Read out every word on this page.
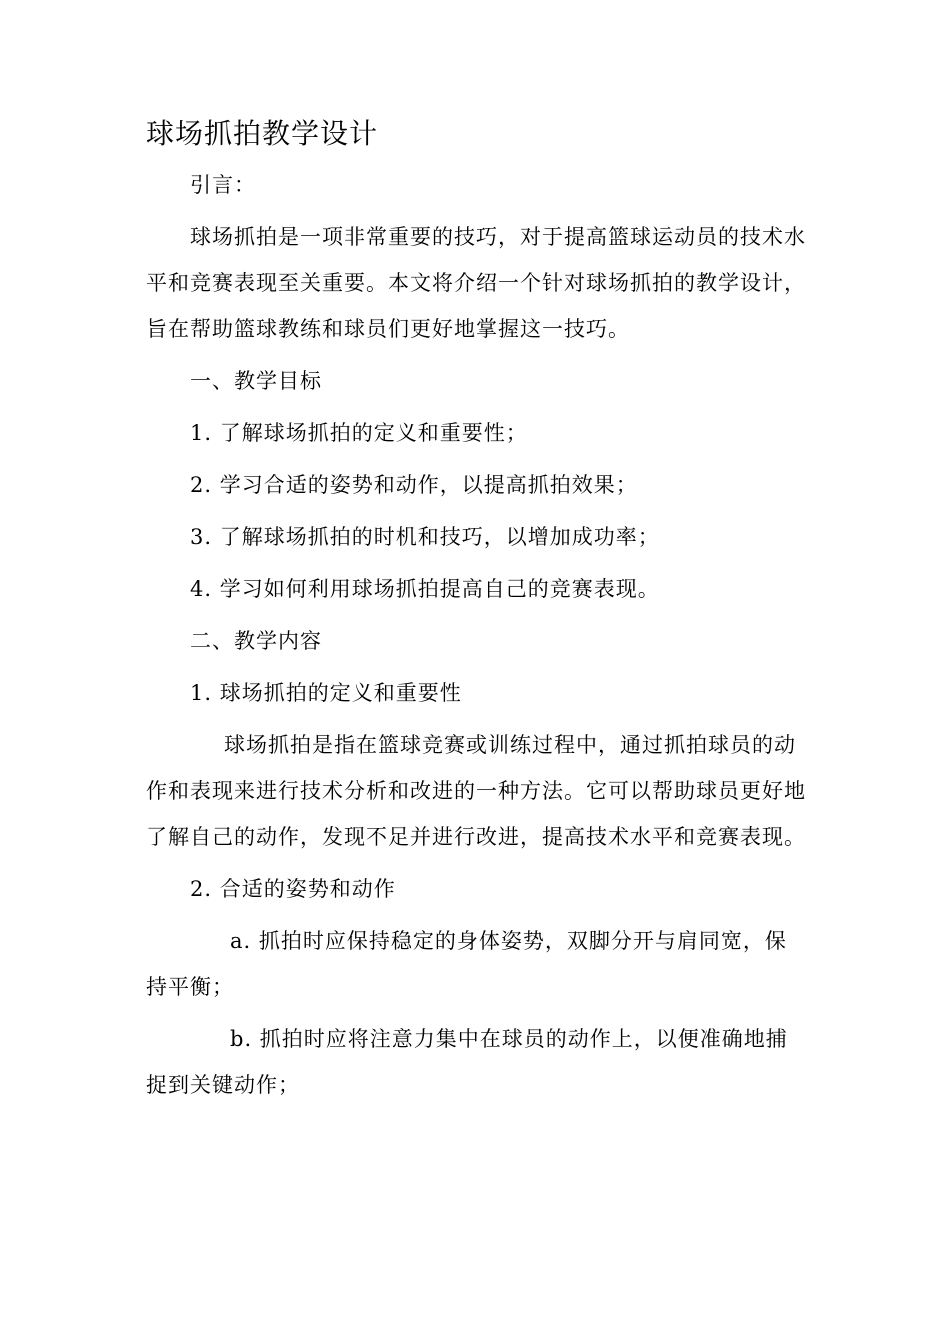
球场抓拍教学设计

引言：

球场抓拍是一项非常重要的技巧，对于提高篮球运动员的技术水平和竞赛表现至关重要。本文将介绍一个针对球场抓拍的教学设计，旨在帮助篮球教练和球员们更好地掌握这一技巧。

一、教学目标

1. 了解球场抓拍的定义和重要性；

2. 学习合适的姿势和动作，以提高抓拍效果；

3. 了解球场抓拍的时机和技巧，以增加成功率；

4. 学习如何利用球场抓拍提高自己的竞赛表现。

二、教学内容

1. 球场抓拍的定义和重要性

球场抓拍是指在篮球竞赛或训练过程中，通过抓拍球员的动作和表现来进行技术分析和改进的一种方法。它可以帮助球员更好地了解自己的动作，发现不足并进行改进，提高技术水平和竞赛表现。

2. 合适的姿势和动作

a. 抓拍时应保持稳定的身体姿势，双脚分开与肩同宽，保持平衡；

b. 抓拍时应将注意力集中在球员的动作上，以便准确地捕捉到关键动作；
